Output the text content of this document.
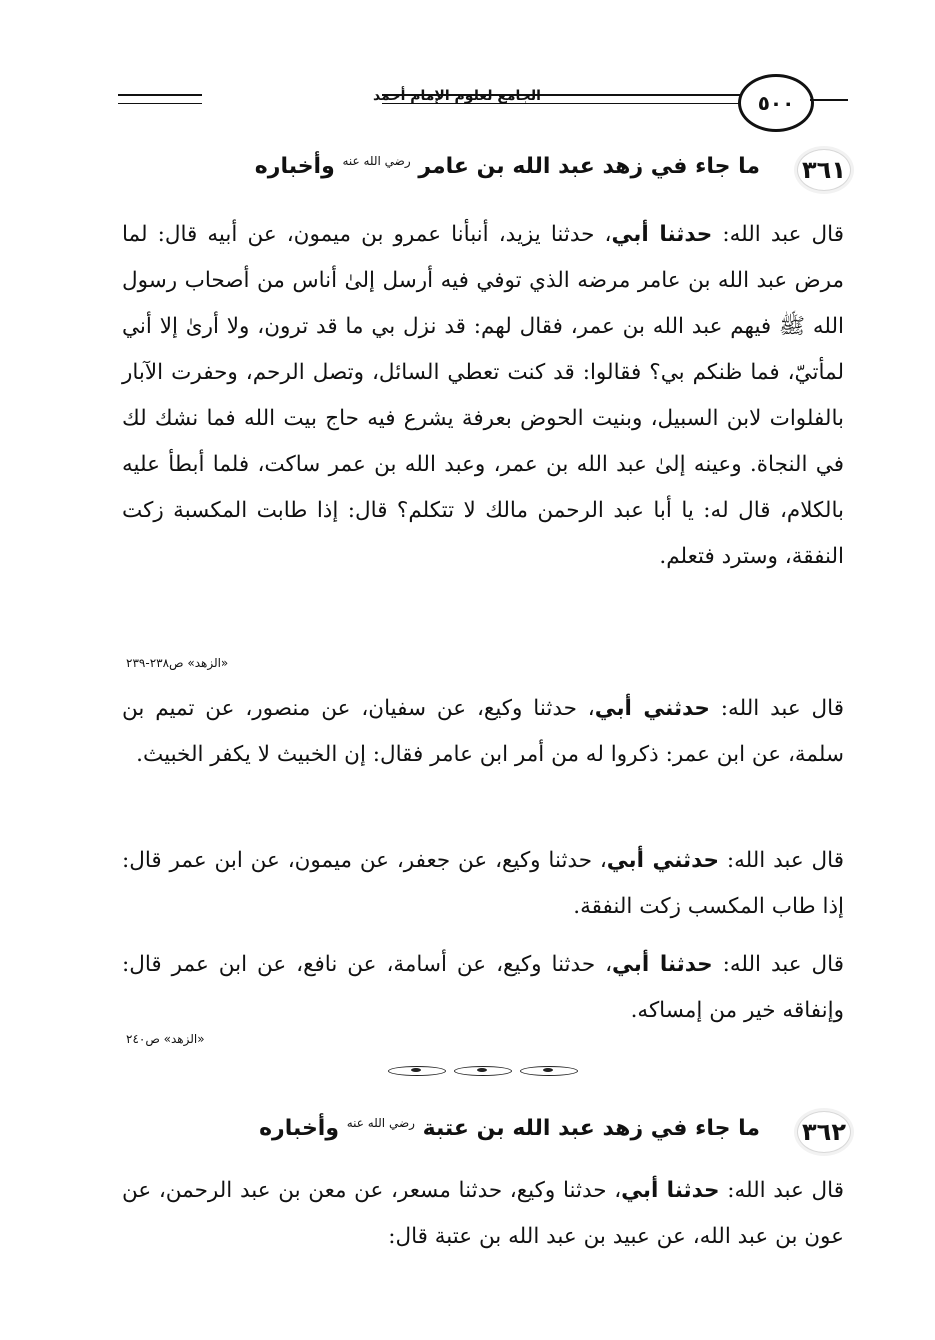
الجامع لعلوم الإمام أحمد	٥٠٠
٣٦١
ما جاء في زهد عبد الله بن عامر $^{رضي الله عنه}$ وأخباره
قال عبد الله: حدثنا أبي، حدثنا يزيد، أنبأنا عمرو بن ميمون، عن أبيه قال: لما مرض عبد الله بن عامر مرضه الذي توفي فيه أرسل إلىٰ أناس من أصحاب رسول الله ﷺ فيهم عبد الله بن عمر، فقال لهم: قد نزل بي ما قد ترون، ولا أرىٰ إلا أني لمأتيّ، فما ظنكم بي؟ فقالوا: قد كنت تعطي السائل، وتصل الرحم، وحفرت الآبار بالفلوات لابن السبيل، وبنيت الحوض بعرفة يشرع فيه حاج بيت الله فما نشك لك في النجاة. وعينه إلىٰ عبد الله بن عمر، وعبد الله بن عمر ساكت، فلما أبطأ عليه بالكلام، قال له: يا أبا عبد الرحمن مالك لا تتكلم؟ قال: إذا طابت المكسبة زكت النفقة، وسترد فتعلم.
«الزهد» ص٢٣٨-٢٣٩
قال عبد الله: حدثني أبي، حدثنا وكيع، عن سفيان، عن منصور، عن تميم بن سلمة، عن ابن عمر: ذكروا له من أمر ابن عامر فقال: إن الخبيث لا يكفر الخبيث.
قال عبد الله: حدثني أبي، حدثنا وكيع، عن جعفر، عن ميمون، عن ابن عمر قال: إذا طاب المكسب زكت النفقة.
قال عبد الله: حدثنا أبي، حدثنا وكيع، عن أسامة، عن نافع، عن ابن عمر قال: وإنفاقه خير من إمساكه.
«الزهد» ص٢٤٠
٣٦٢
ما جاء في زهد عبد الله بن عتبة $^{رضي الله عنه}$ وأخباره
قال عبد الله: حدثنا أبي، حدثنا وكيع، حدثنا مسعر، عن معن بن عبد الرحمن، عن عون بن عبد الله، عن عبيد بن عبد الله بن عتبة قال:
